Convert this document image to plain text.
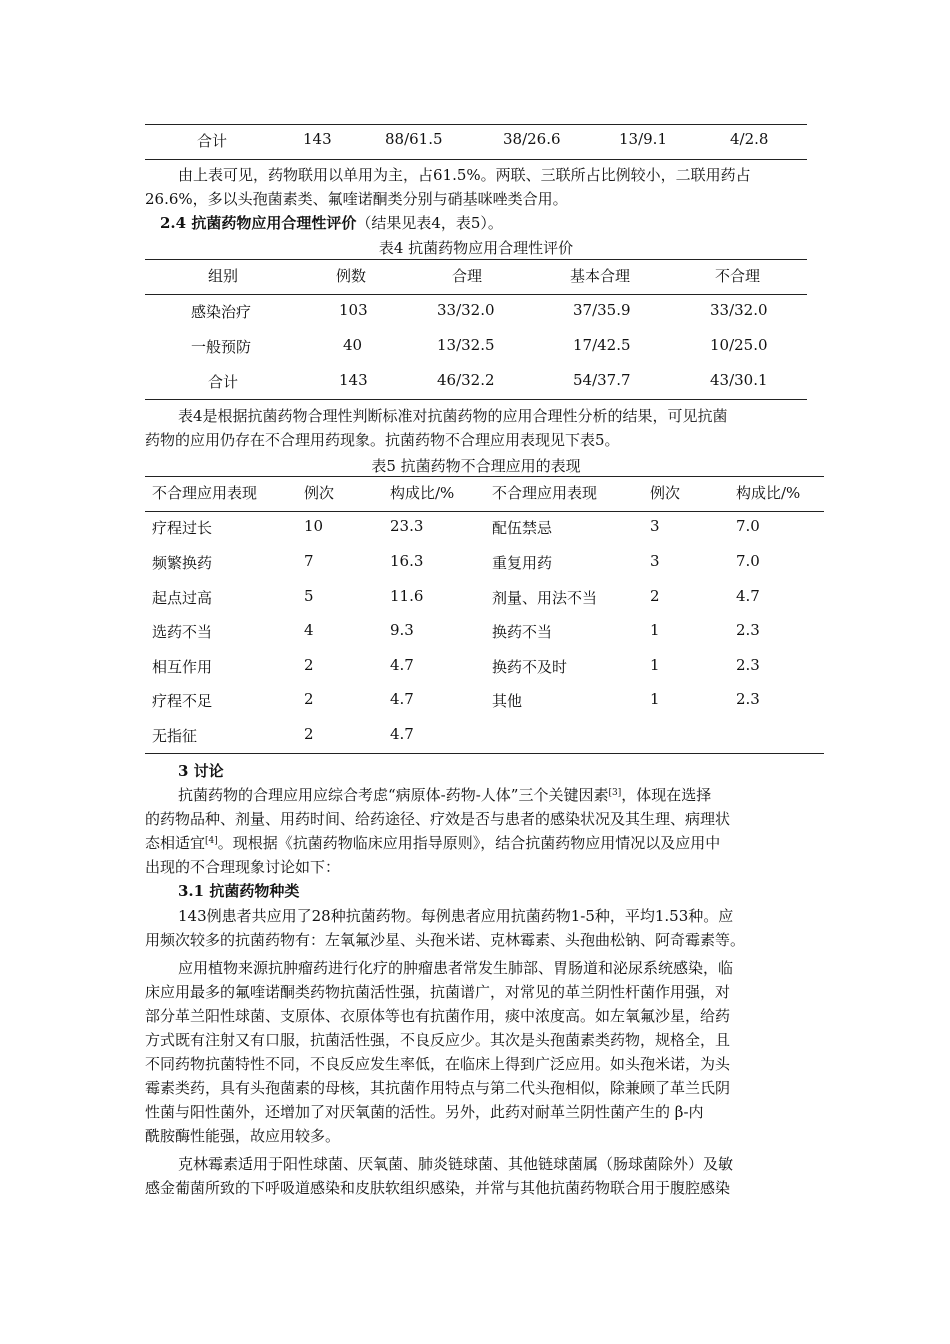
合计	143	88/61.5	38/26.6	13/9.1	4/2.8
由上表可见，药物联用以单用为主，占61.5%。两联、三联所占比例较小，二联用药占
26.6%，多以头孢菌素类、氟喹诺酮类分别与硝基咪唑类合用。
2.4 抗菌药物应用合理性评价（结果见表4，表5）。
表4 抗菌药物应用合理性评价
组别	例数	合理	基本合理	不合理
感染治疗	103	33/32.0	37/35.9	33/32.0
一般预防	40	13/32.5	17/42.5	10/25.0
合计	143	46/32.2	54/37.7	43/30.1
表4是根据抗菌药物合理性判断标准对抗菌药物的应用合理性分析的结果，可见抗菌
药物的应用仍存在不合理用药现象。抗菌药物不合理应用表现见下表5。
表5 抗菌药物不合理应用的表现
不合理应用表现	例次	构成比/%	不合理应用表现	例次	构成比/%
疗程过长	10	23.3	配伍禁忌	3	7.0
频繁换药	7	16.3	重复用药	3	7.0
起点过高	5	11.6	剂量、用法不当	2	4.7
选药不当	4	9.3	换药不当	1	2.3
相互作用	2	4.7	换药不及时	1	2.3
疗程不足	2	4.7	其他	1	2.3
无指征	2	4.7
3 讨论
抗菌药物的合理应用应综合考虑“病原体-药物-人体”三个关键因素[3]，体现在选择
的药物品种、剂量、用药时间、给药途径、疗效是否与患者的感染状况及其生理、病理状
态相适宜[4]。现根据《抗菌药物临床应用指导原则》，结合抗菌药物应用情况以及应用中
出现的不合理现象讨论如下：
3.1 抗菌药物种类
143例患者共应用了28种抗菌药物。每例患者应用抗菌药物1-5种，平均1.53种。应
用频次较多的抗菌药物有：左氧氟沙星、头孢米诺、克林霉素、头孢曲松钠、阿奇霉素等。
应用植物来源抗肿瘤药进行化疗的肿瘤患者常发生肺部、胃肠道和泌尿系统感染，临
床应用最多的氟喹诺酮类药物抗菌活性强，抗菌谱广，对常见的革兰阴性杆菌作用强，对
部分革兰阳性球菌、支原体、衣原体等也有抗菌作用，痰中浓度高。如左氧氟沙星，给药
方式既有注射又有口服，抗菌活性强，不良反应少。其次是头孢菌素类药物，规格全，且
不同药物抗菌特性不同，不良反应发生率低，在临床上得到广泛应用。如头孢米诺，为头
霉素类药，具有头孢菌素的母核，其抗菌作用特点与第二代头孢相似，除兼顾了革兰氏阴
性菌与阳性菌外，还增加了对厌氧菌的活性。另外，此药对耐革兰阴性菌产生的 β-内
酰胺酶性能强，故应用较多。
克林霉素适用于阳性球菌、厌氧菌、肺炎链球菌、其他链球菌属（肠球菌除外）及敏
感金葡菌所致的下呼吸道感染和皮肤软组织感染，并常与其他抗菌药物联合用于腹腔感染
